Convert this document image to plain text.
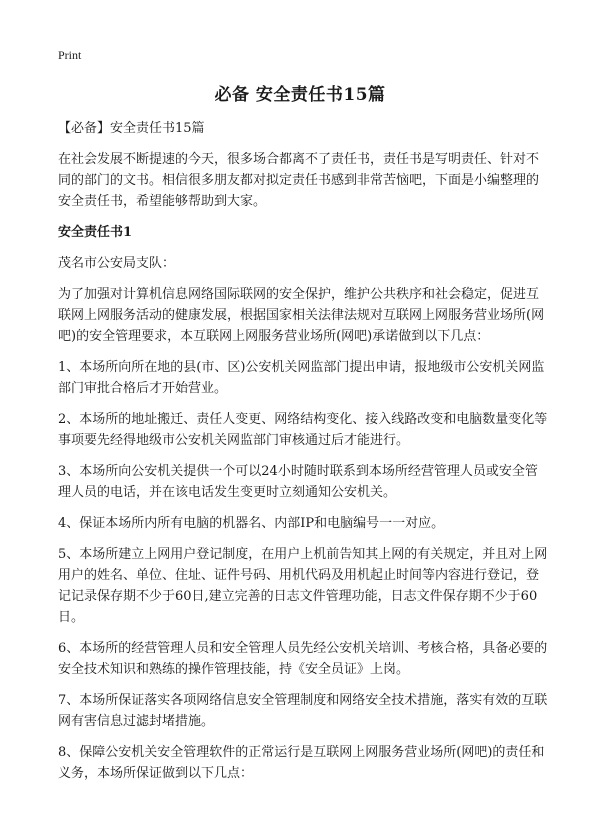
Print
必备 安全责任书15篇

【必备】安全责任书15篇

在社会发展不断提速的今天，很多场合都离不了责任书，责任书是写明责任、针对不同的部门的文书。相信很多朋友都对拟定责任书感到非常苦恼吧，下面是小编整理的安全责任书，希望能够帮助到大家。

安全责任书1

茂名市公安局支队：

为了加强对计算机信息网络国际联网的安全保护，维护公共秩序和社会稳定，促进互联网上网服务活动的健康发展，根据国家相关法律法规对互联网上网服务营业场所(网吧)的安全管理要求，本互联网上网服务营业场所(网吧)承诺做到以下几点：

1、本场所向所在地的县(市、区)公安机关网监部门提出申请，报地级市公安机关网监部门审批合格后才开始营业。

2、本场所的地址搬迁、责任人变更、网络结构变化、接入线路改变和电脑数量变化等事项要先经得地级市公安机关网监部门审核通过后才能进行。

3、本场所向公安机关提供一个可以24小时随时联系到本场所经营管理人员或安全管理人员的电话，并在该电话发生变更时立刻通知公安机关。

4、保证本场所内所有电脑的机器名、内部IP和电脑编号一一对应。

5、本场所建立上网用户登记制度，在用户上机前告知其上网的有关规定，并且对上网用户的姓名、单位、住址、证件号码、用机代码及用机起止时间等内容进行登记，登记记录保存期不少于60日,建立完善的日志文件管理功能，日志文件保存期不少于60日。

6、本场所的经营管理人员和安全管理人员先经公安机关培训、考核合格，具备必要的安全技术知识和熟练的操作管理技能，持《安全员证》上岗。

7、本场所保证落实各项网络信息安全管理制度和网络安全技术措施，落实有效的互联网有害信息过滤封堵措施。

8、保障公安机关安全管理软件的正常运行是互联网上网服务营业场所(网吧)的责任和义务，本场所保证做到以下几点：
